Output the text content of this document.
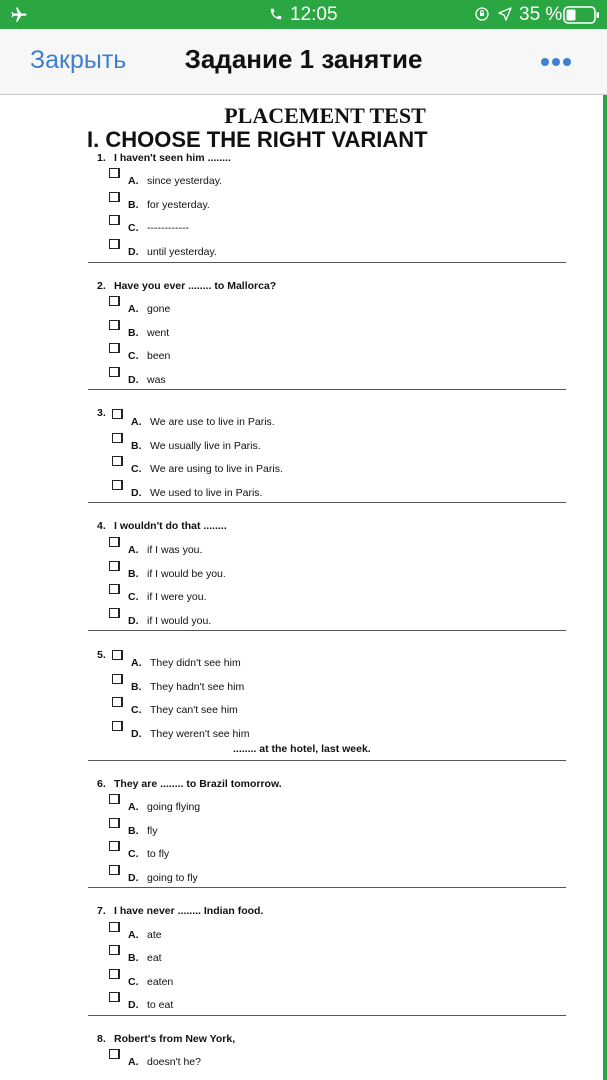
12:05	35 %
Закрыть	Задание 1 занятие
PLACEMENT TEST
I. CHOOSE THE RIGHT VARIANT
1. I haven't seen him ........
A. since yesterday.
B. for yesterday.
C. ------------
D. until yesterday.
2. Have you ever ........ to Mallorca?
A. gone
B. went
C. been
D. was
3.
A. We are use to live in Paris.
B. We usually live in Paris.
C. We are using to live in Paris.
D. We used to live in Paris.
4. I wouldn't do that ........
A. if I was you.
B. if I would be you.
C. if I were you.
D. if I would you.
5.
A. They didn't see him
B. They hadn't see him
C. They can't see him
D. They weren't see him
........ at the hotel, last week.
6. They are ........ to Brazil tomorrow.
A. going flying
B. fly
C. to fly
D. going to fly
7. I have never ........ Indian food.
A. ate
B. eat
C. eaten
D. to eat
8. Robert's from New York,
A. doesn't he?
